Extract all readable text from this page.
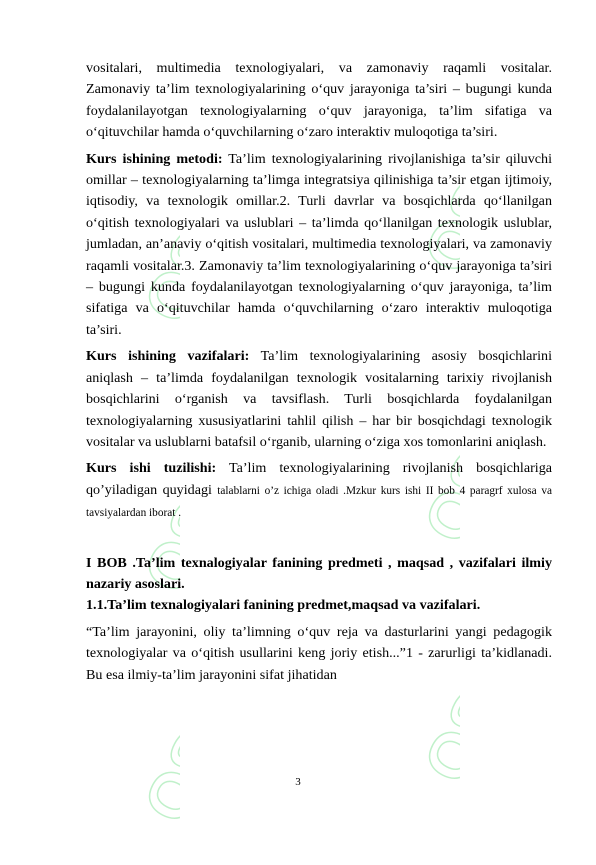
OSOF OSOF
OSOF OSOF
OSOF OSOF

vositalari, multimedia texnologiyalari, va zamonaviy raqamli vositalar. Zamonaviy ta’lim texnologiyalarining o‘quv jarayoniga ta’siri – bugungi kunda foydalanilayotgan texnologiyalarning o‘quv jarayoniga, ta’lim sifatiga va o‘qituvchilar hamda o‘quvchilarning o‘zaro interaktiv muloqotiga ta’siri.

Kurs ishining metodi: Ta’lim texnologiyalarining rivojlanishiga ta’sir qiluvchi omillar – texnologiyalarning ta’limga integratsiya qilinishiga ta’sir etgan ijtimoiy, iqtisodiy, va texnologik omillar.2. Turli davrlar va bosqichlarda qo‘llanilgan o‘qitish texnologiyalari va uslublari – ta’limda qo‘llanilgan texnologik uslublar, jumladan, an’anaviy o‘qitish vositalari, multimedia texnologiyalari, va zamonaviy raqamli vositalar.3. Zamonaviy ta’lim texnologiyalarining o‘quv jarayoniga ta’siri – bugungi kunda foydalanilayotgan texnologiyalarning o‘quv jarayoniga, ta’lim sifatiga va o‘qituvchilar hamda o‘quvchilarning o‘zaro interaktiv muloqotiga ta’siri.

Kurs ishining vazifalari: Ta’lim texnologiyalarining asosiy bosqichlarini aniqlash – ta’limda foydalanilgan texnologik vositalarning tarixiy rivojlanish bosqichlarini o‘rganish va tavsiflash. Turli bosqichlarda foydalanilgan texnologiyalarning xususiyatlarini tahlil qilish – har bir bosqichdagi texnologik vositalar va uslublarni batafsil o‘rganib, ularning o‘ziga xos tomonlarini aniqlash.

Kurs ishi tuzilishi: Ta’lim texnologiyalarining rivojlanish bosqichlariga qo’yiladigan quyidagi talablarni o’z ichiga oladi .Mzkur kurs ishi II bob 4 paragrf xulosa va tavsiyalardan iborat .

I BOB .Ta’lim texnalogiyalar fanining predmeti , maqsad , vazifalari ilmiy nazariy asoslari.

1.1.Ta’lim texnalogiyalari fanining predmet,maqsad va vazifalari.

“Ta’lim jarayonini, oliy ta’limning o‘quv reja va dasturlarini yangi pedagogik texnologiyalar va o‘qitish usullarini keng joriy etish...”1 - zarurligi ta’kidlanadi. Bu esa ilmiy-ta’lim jarayonini sifat jihatidan

3
